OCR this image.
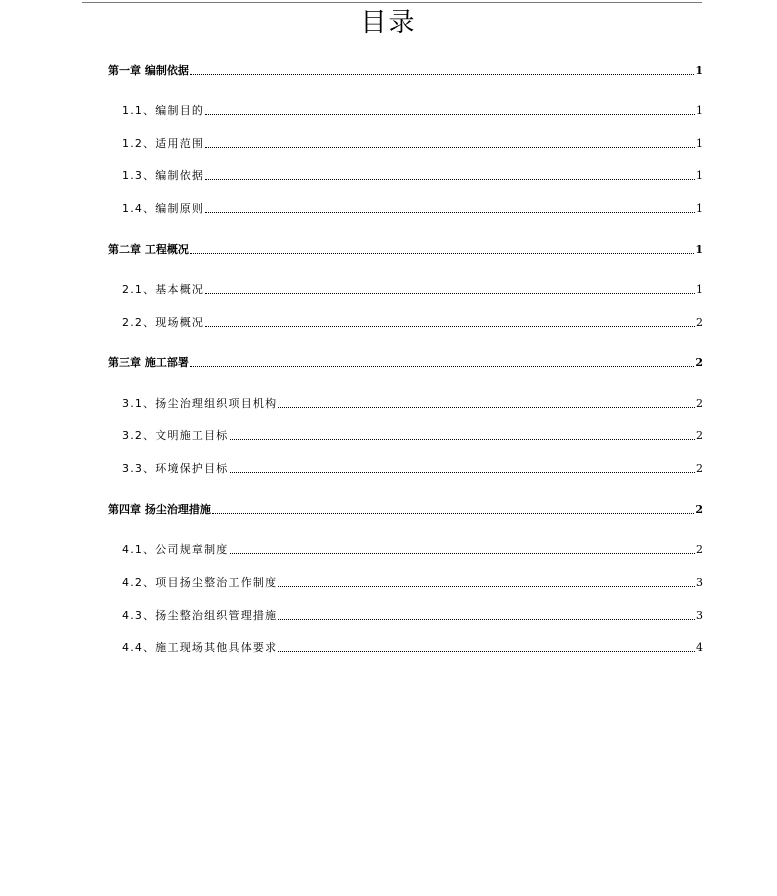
目录
第一章 编制依据	1
1.1、编制目的	1
1.2、适用范围	1
1.3、编制依据	1
1.4、编制原则	1
第二章 工程概况	1
2.1、基本概况	1
2.2、现场概况	2
第三章 施工部署	2
3.1、扬尘治理组织项目机构	2
3.2、文明施工目标	2
3.3、环境保护目标	2
第四章 扬尘治理措施	2
4.1、公司规章制度	2
4.2、项目扬尘整治工作制度	3
4.3、扬尘整治组织管理措施	3
4.4、施工现场其他具体要求	4
